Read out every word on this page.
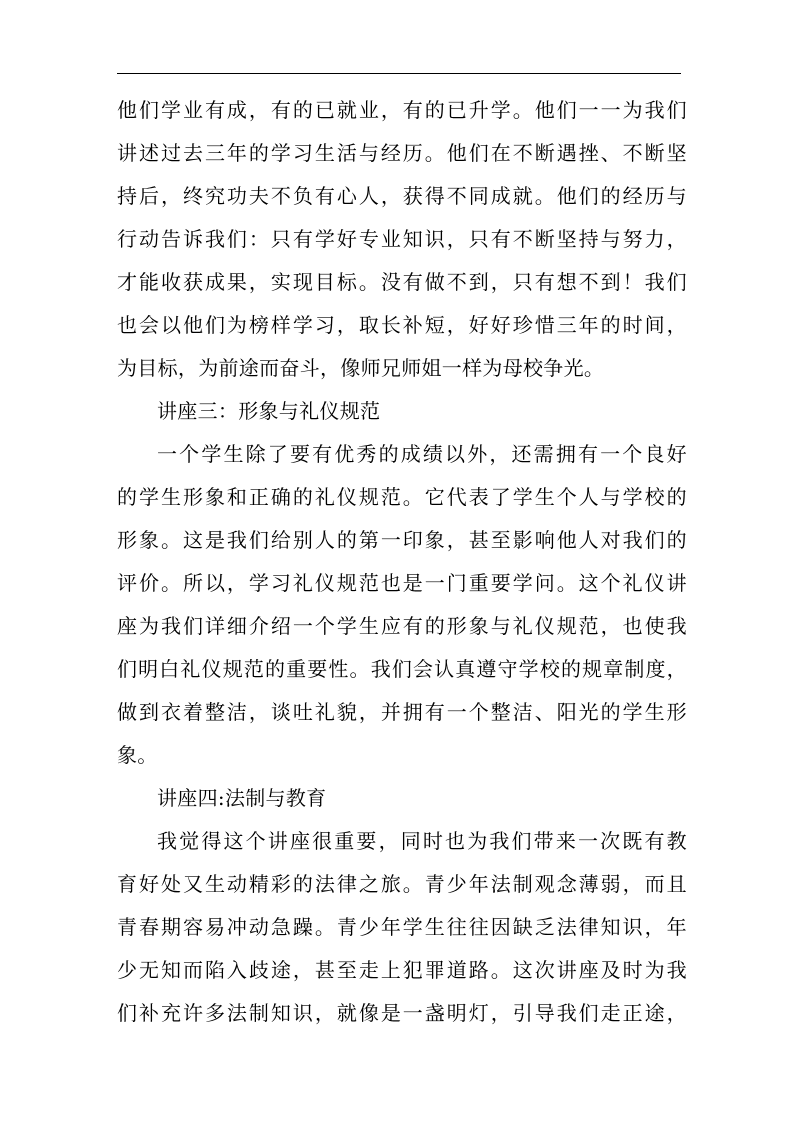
他 们 学 业 有 成 ， 有 的 已 就 业 ， 有 的 已 升 学 。 他 们 一 一 为 我 们
讲 述 过 去 三 年 的 学 习 生 活 与 经 历 。 他 们 在 不 断 遇 挫 、 不 断 坚
持 后 ， 终 究 功 夫 不 负 有 心 人 ， 获 得 不 同 成 就 。 他 们 的 经 历 与
行 动 告 诉 我 们 ： 只 有 学 好 专 业 知 识 ， 只 有 不 断 坚 持 与 努 力 ，
才 能 收 获 成 果 ， 实 现 目 标 。 没 有 做 不 到 ， 只 有 想 不 到 ！ 我 们
也 会 以 他 们 为 榜 样 学 习 ， 取 长 补 短 ， 好 好 珍 惜 三 年 的 时 间 ，
为目标，为前途而奋斗，像师兄师姐一样为母校争光。
讲座三：形象与礼仪规范
一 个 学 生 除 了 要 有 优 秀 的 成 绩 以 外 ， 还 需 拥 有 一 个 良 好
的 学 生 形 象 和 正 确 的 礼 仪 规 范 。 它 代 表 了 学 生 个 人 与 学 校 的
形 象 。 这 是 我 们 给 别 人 的 第 一 印 象 ， 甚 至 影 响 他 人 对 我 们 的
评 价 。 所 以 ， 学 习 礼 仪 规 范 也 是 一 门 重 要 学 问 。 这 个 礼 仪 讲
座 为 我 们 详 细 介 绍 一 个 学 生 应 有 的 形 象 与 礼 仪 规 范 ， 也 使 我
们 明 白 礼 仪 规 范 的 重 要 性 。 我 们 会 认 真 遵 守 学 校 的 规 章 制 度 ，
做 到 衣 着 整 洁 ， 谈 吐 礼 貌 ， 并 拥 有 一 个 整 洁 、 阳 光 的 学 生 形
象。
讲座四:法制与教育
我 觉 得 这 个 讲 座 很 重 要 ， 同 时 也 为 我 们 带 来 一 次 既 有 教
育 好 处 又 生 动 精 彩 的 法 律 之 旅 。 青 少 年 法 制 观 念 薄 弱 ， 而 且
青 春 期 容 易 冲 动 急 躁 。 青 少 年 学 生 往 往 因 缺 乏 法 律 知 识 ， 年
少 无 知 而 陷 入 歧 途 ， 甚 至 走 上 犯 罪 道 路 。 这 次 讲 座 及 时 为 我
们 补 充 许 多 法 制 知 识 ， 就 像 是 一 盏 明 灯 ， 引 导 我 们 走 正 途 ，
